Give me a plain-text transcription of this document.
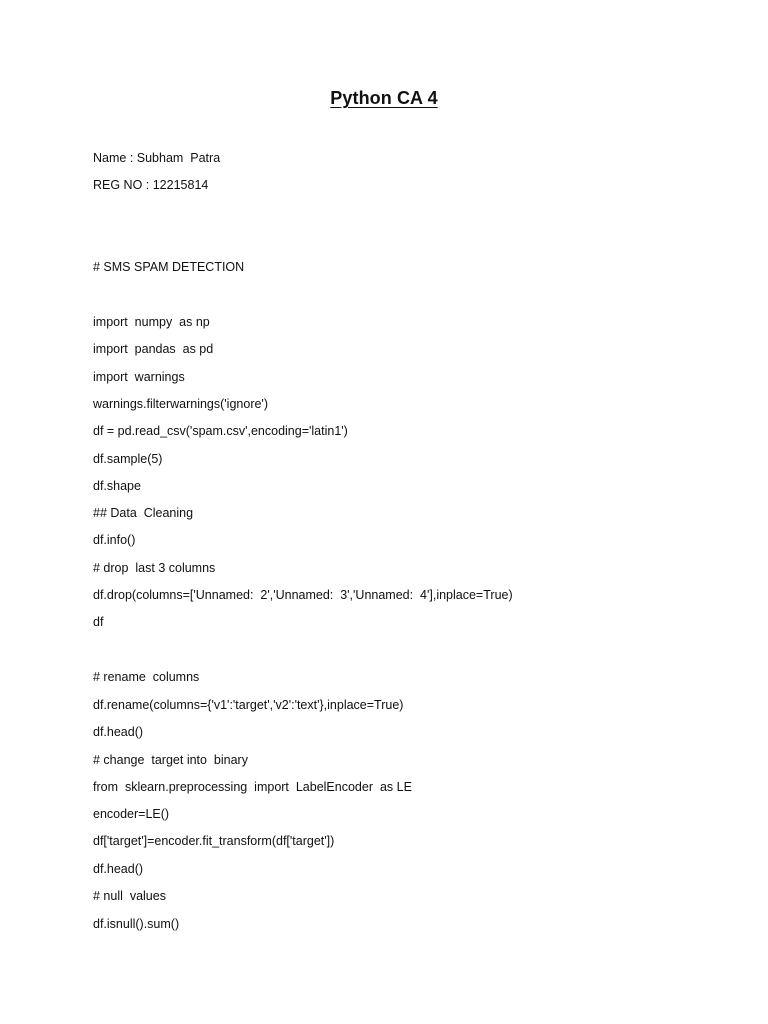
Python CA 4
Name : Subham  Patra
REG NO : 12215814
# SMS SPAM DETECTION
import  numpy  as np
import  pandas  as pd
import  warnings
warnings.filterwarnings('ignore')
df = pd.read_csv('spam.csv',encoding='latin1')
df.sample(5)
df.shape
## Data  Cleaning
df.info()
# drop  last 3 columns
df.drop(columns=['Unnamed:  2','Unnamed:  3','Unnamed:  4'],inplace=True)
df
# rename  columns
df.rename(columns={'v1':'target','v2':'text'},inplace=True)
df.head()
# change  target into  binary
from  sklearn.preprocessing  import  LabelEncoder  as LE
encoder=LE()
df['target']=encoder.fit_transform(df['target'])
df.head()
# null  values
df.isnull().sum()
